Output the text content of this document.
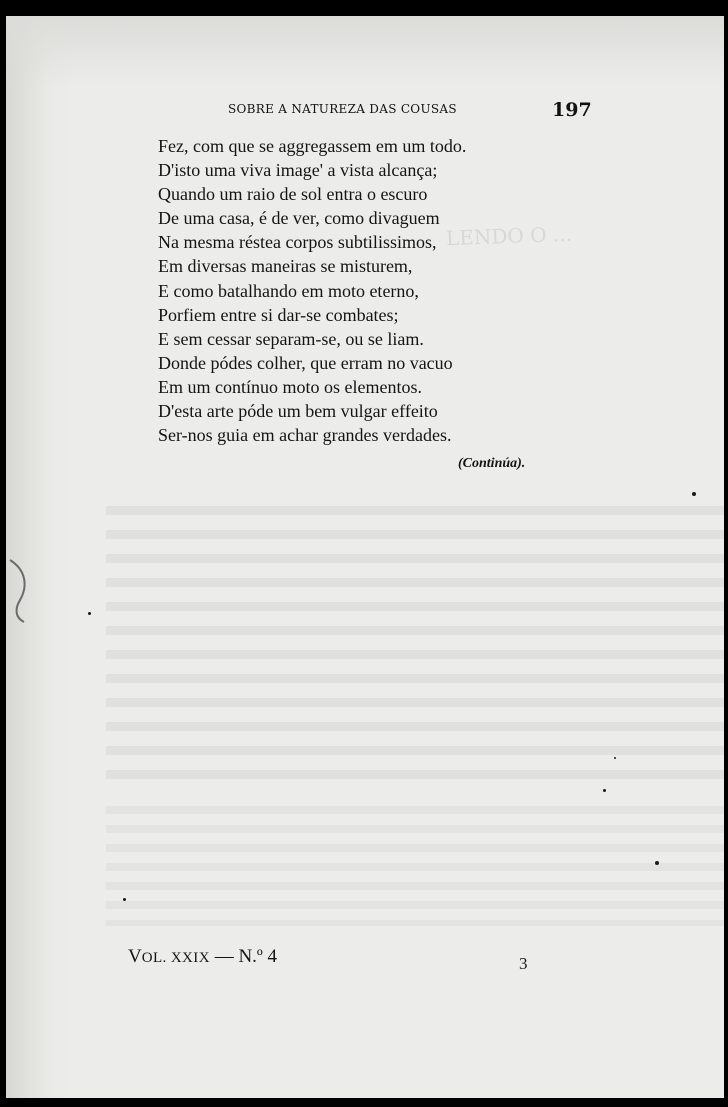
LENDO O ...
SOBRE A NATUREZA DAS COUSAS	197
Fez, com que se aggregassem em um todo.
D'isto uma viva image' a vista alcança;
Quando um raio de sol entra o escuro
De uma casa, é de ver, como divaguem
Na mesma réstea corpos subtilissimos,
Em diversas maneiras se misturem,
E como batalhando em moto eterno,
Porfiem entre si dar-se combates;
E sem cessar separam-se, ou se liam.
Donde pódes colher, que erram no vacuo
Em um contínuo moto os elementos.
D'esta arte póde um bem vulgar effeito
Ser-nos guia em achar grandes verdades.
(Continúa).
VOL. XXIX — N.º 4	3
